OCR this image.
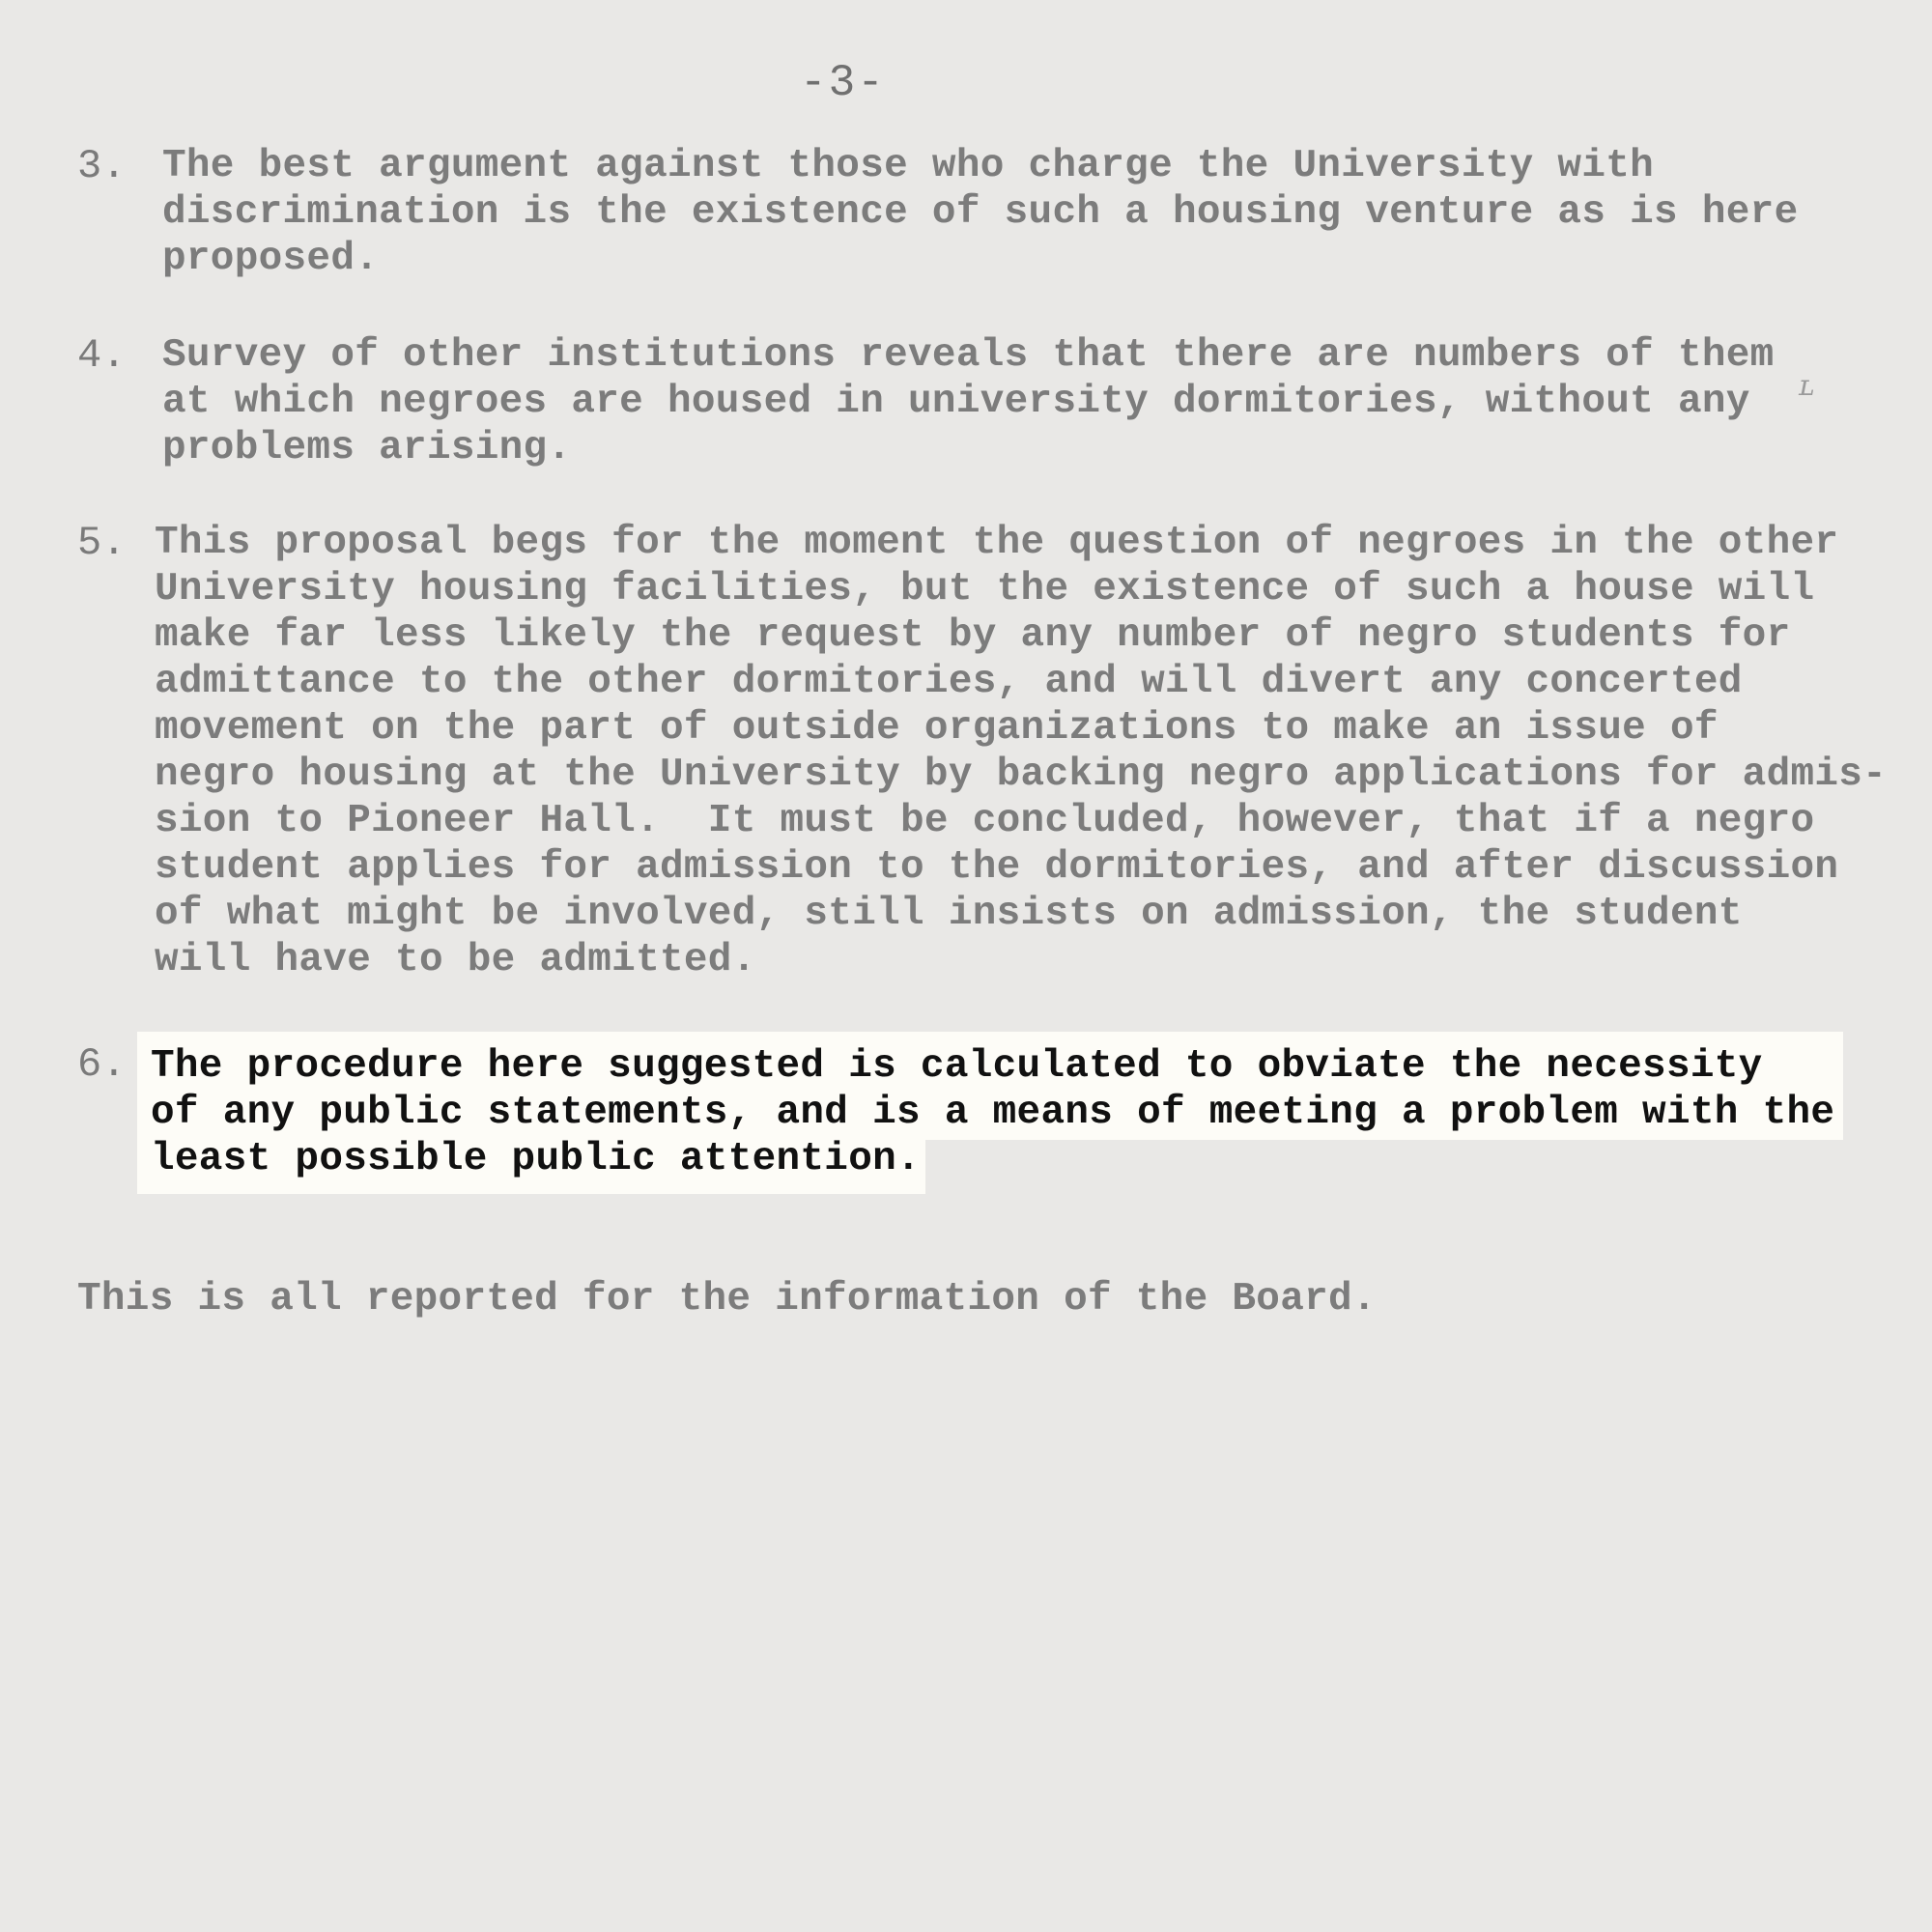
-3-
3. The best argument against those who charge the University with
discrimination is the existence of such a housing venture as is here
proposed.
4. Survey of other institutions reveals that there are numbers of them
at which negroes are housed in university dormitories, without any
problems arising.
ʟ
5. This proposal begs for the moment the question of negroes in the other
University housing facilities, but the existence of such a house will
make far less likely the request by any number of negro students for
admittance to the other dormitories, and will divert any concerted
movement on the part of outside organizations to make an issue of
negro housing at the University by backing negro applications for admis-
sion to Pioneer Hall.  It must be concluded, however, that if a negro
student applies for admission to the dormitories, and after discussion
of what might be involved, still insists on admission, the student
will have to be admitted.
6. The procedure here suggested is calculated to obviate the necessity
of any public statements, and is a means of meeting a problem with the
least possible public attention.
This is all reported for the information of the Board.
